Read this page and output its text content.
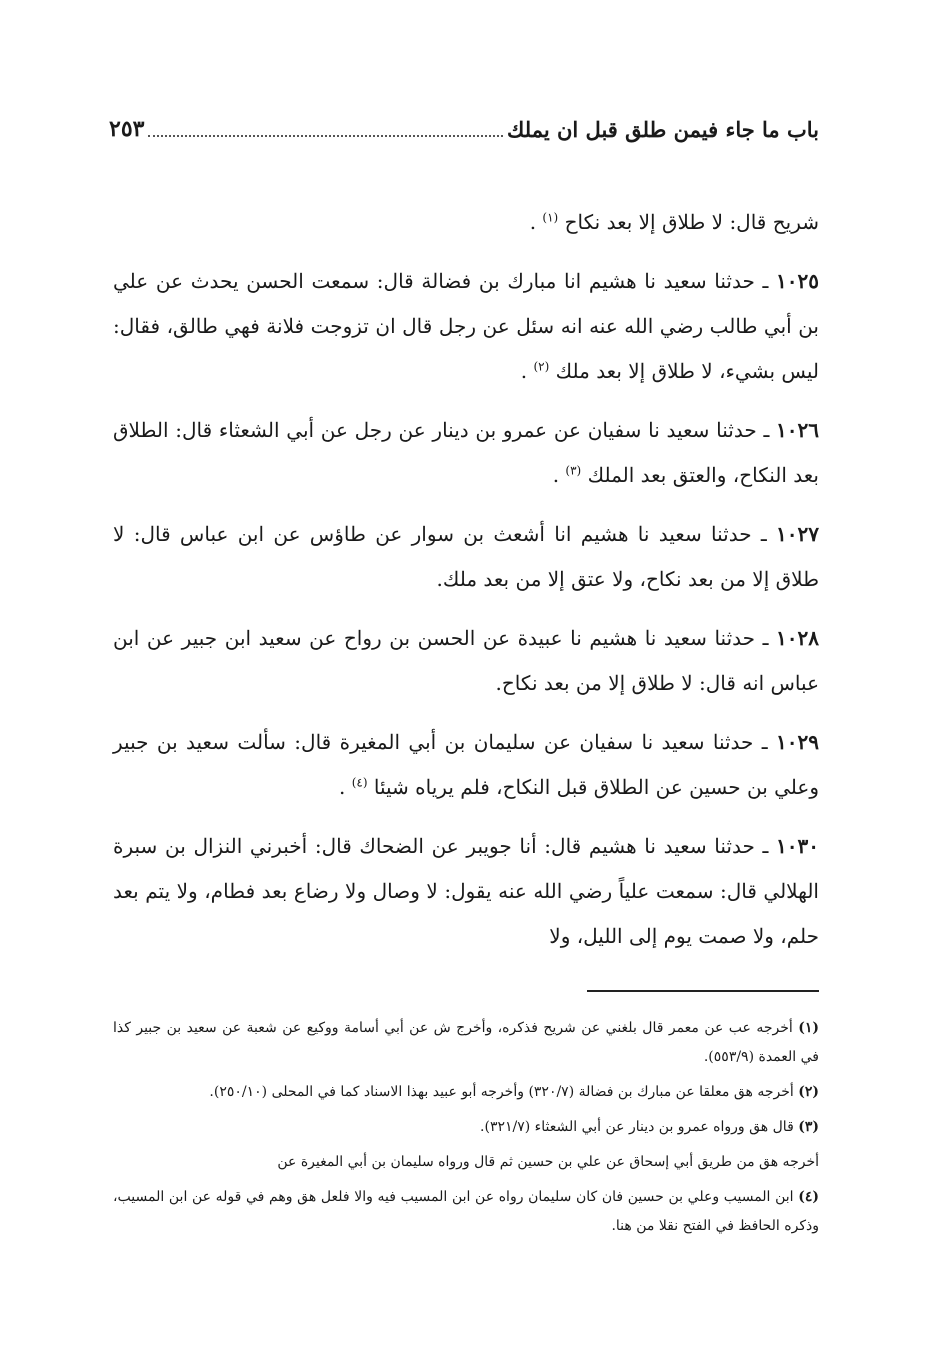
باب ما جاء فيمن طلق قبل ان يملك
٢٥٣

شريح قال: لا طلاق إلا بعد نكاح $^{(١)}$ .

١٠٢٥ ـ حدثنا سعيد نا هشيم انا مبارك بن فضالة قال: سمعت الحسن يحدث عن علي بن أبي طالب رضي الله عنه انه سئل عن رجل قال ان تزوجت فلانة فهي طالق، فقال: ليس بشيء، لا طلاق إلا بعد ملك $^{(٢)}$ .

١٠٢٦ ـ حدثنا سعيد نا سفيان عن عمرو بن دينار عن رجل عن أبي الشعثاء قال: الطلاق بعد النكاح، والعتق بعد الملك $^{(٣)}$ .

١٠٢٧ ـ حدثنا سعيد نا هشيم انا أشعث بن سوار عن طاؤس عن ابن عباس قال: لا طلاق إلا من بعد نكاح، ولا عتق إلا من بعد ملك.

١٠٢٨ ـ حدثنا سعيد نا هشيم نا عبيدة عن الحسن بن رواح عن سعيد ابن جبير عن ابن عباس انه قال: لا طلاق إلا من بعد نكاح.

١٠٢٩ ـ حدثنا سعيد نا سفيان عن سليمان بن أبي المغيرة قال: سألت سعيد بن جبير وعلي بن حسين عن الطلاق قبل النكاح، فلم يرياه شيئا $^{(٤)}$ .

١٠٣٠ ـ حدثنا سعيد نا هشيم قال: أنا جويبر عن الضحاك قال: أخبرني النزال بن سبرة الهلالي قال: سمعت علياً رضي الله عنه يقول: لا وصال ولا رضاع بعد فطام، ولا يتم بعد حلم، ولا صمت يوم إلى الليل، ولا

(١) أخرجه عب عن معمر قال بلغني عن شريح فذكره، وأخرج ش عن أبي أسامة ووكيع عن شعبة عن سعيد بن جبير كذا في العمدة (٥٥٣/٩).

(٢) أخرجه هق معلقا عن مبارك بن فضالة (٣٢٠/٧) وأخرجه أبو عبيد بهذا الاسناد كما في المحلى (٢٥٠/١٠).

(٣) قال هق ورواه عمرو بن دينار عن أبي الشعثاء (٣٢١/٧).

أخرجه هق من طريق أبي إسحاق عن علي بن حسين ثم قال ورواه سليمان بن أبي المغيرة عن

(٤) ابن المسيب وعلي بن حسين فان كان سليمان رواه عن ابن المسيب فيه والا فلعل هق وهم في قوله عن ابن المسيب، وذكره الحافظ في الفتح نقلا من هنا.
